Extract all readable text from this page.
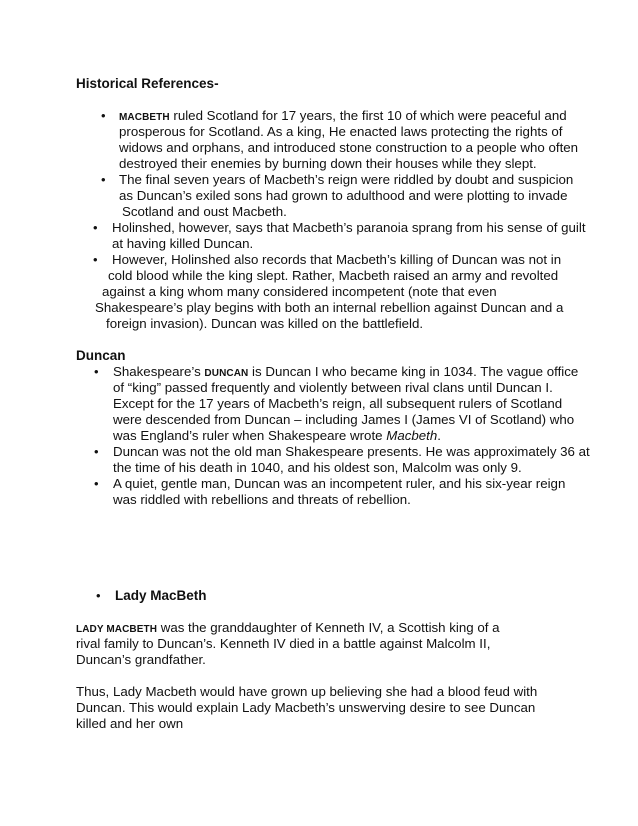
Historical References-
• MACBETH ruled Scotland for 17 years, the first 10 of which were peaceful and
prosperous for Scotland. As a king, He enacted laws protecting the rights of
widows and orphans, and introduced stone construction to a people who often
destroyed their enemies by burning down their houses while they slept.
• The final seven years of Macbeth’s reign were riddled by doubt and suspicion
as Duncan’s exiled sons had grown to adulthood and were plotting to invade
Scotland and oust Macbeth.
• Holinshed, however, says that Macbeth’s paranoia sprang from his sense of guilt
at having killed Duncan.
• However, Holinshed also records that Macbeth’s killing of Duncan was not in
cold blood while the king slept. Rather, Macbeth raised an army and revolted
against a king whom many considered incompetent (note that even
Shakespeare’s play begins with both an internal rebellion against Duncan and a
foreign invasion). Duncan was killed on the battlefield.
Duncan
• Shakespeare’s DUNCAN is Duncan I who became king in 1034. The vague office
of “king” passed frequently and violently between rival clans until Duncan I.
Except for the 17 years of Macbeth’s reign, all subsequent rulers of Scotland
were descended from Duncan – including James I (James VI of Scotland) who
was England’s ruler when Shakespeare wrote Macbeth.
• Duncan was not the old man Shakespeare presents. He was approximately 36 at
the time of his death in 1040, and his oldest son, Malcolm was only 9.
• A quiet, gentle man, Duncan was an incompetent ruler, and his six-year reign
was riddled with rebellions and threats of rebellion.
• Lady MacBeth
LADY MACBETH was the granddaughter of Kenneth IV, a Scottish king of a
rival family to Duncan’s. Kenneth IV died in a battle against Malcolm II,
Duncan’s grandfather.
Thus, Lady Macbeth would have grown up believing she had a blood feud with
Duncan. This would explain Lady Macbeth’s unswerving desire to see Duncan
killed and her own
